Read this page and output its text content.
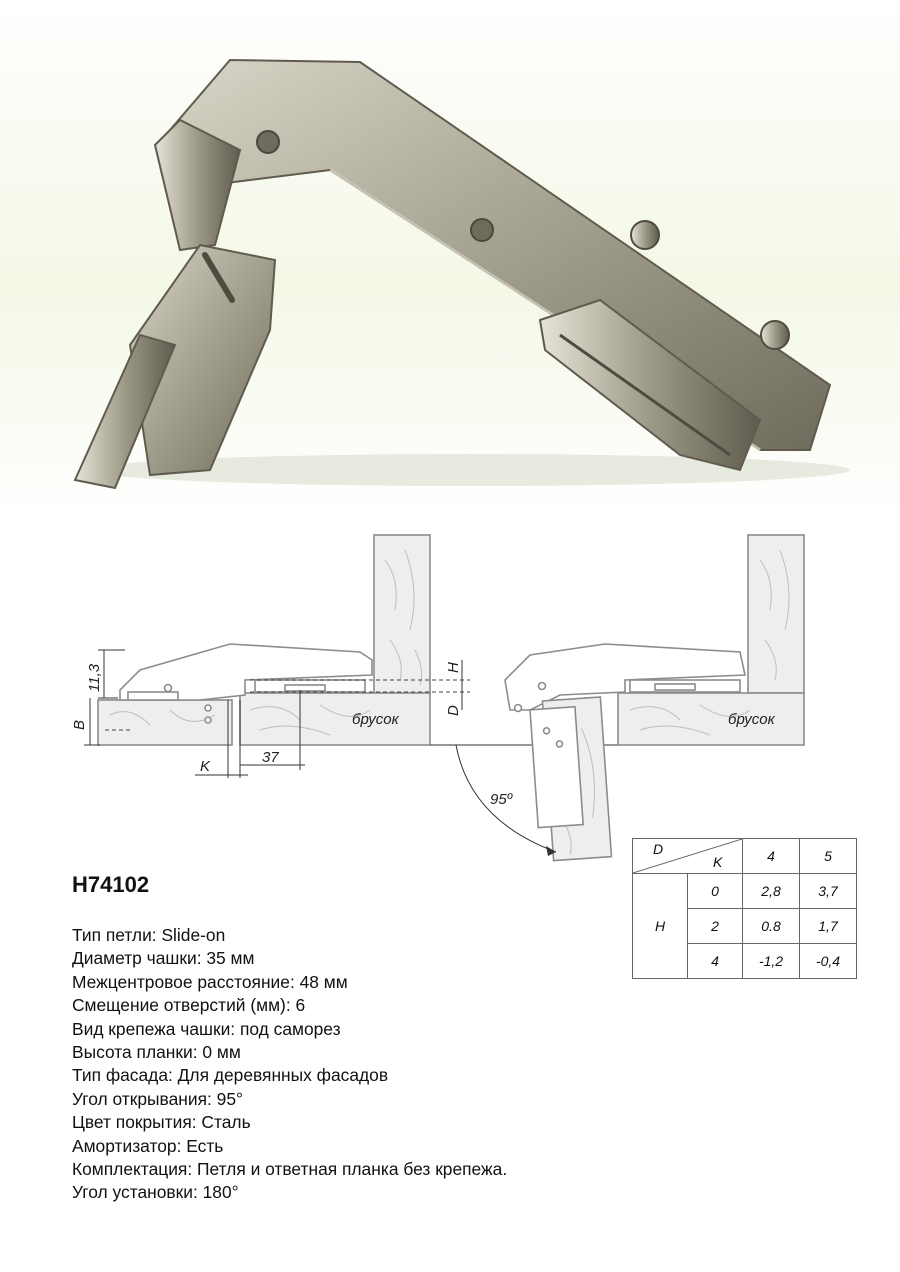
11,3
B
K
37
H
D
брусок	брусок
95º
H74102
Тип петли: Slide-on
Диаметр чашки: 35 мм
Межцентровое расстояние: 48 мм
Смещение отверстий (мм): 6
Вид крепежа чашки: под саморез
Высота планки: 0 мм
Тип фасада: Для деревянных фасадов
Угол открывания: 95°
Цвет покрытия: Сталь
Амортизатор: Есть
Комплектация: Петля и ответная планка без крепежа.
Угол установки: 180°
D
K		4	5
H	0	2,8	3,7
	2	0.8	1,7
	4	-1,2	-0,4
